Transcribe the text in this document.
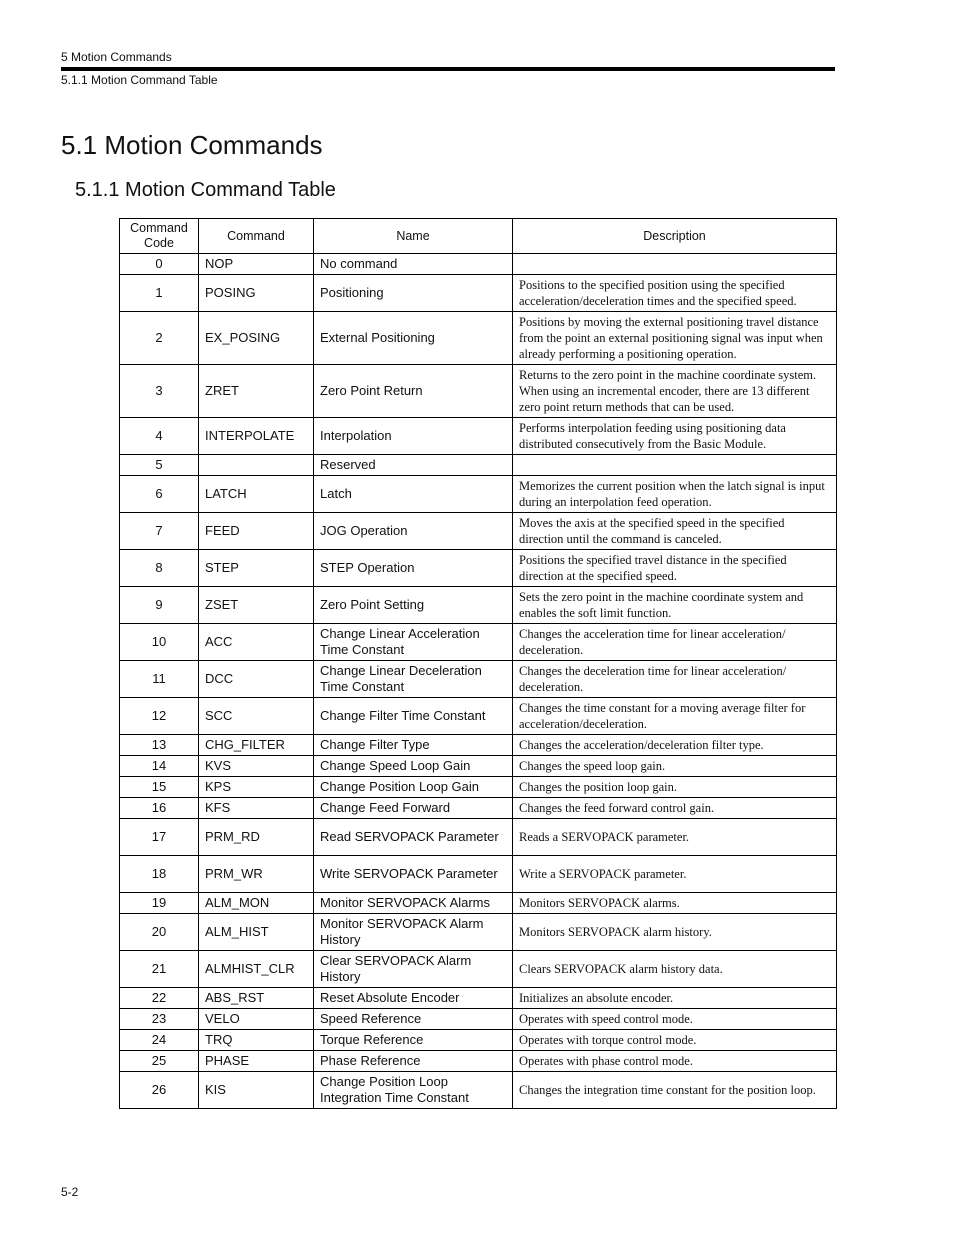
5 Motion Commands
5.1.1 Motion Command Table
5.1 Motion Commands
5.1.1 Motion Command Table
Command Code	Command	Name	Description
0	NOP	No command	
1	POSING	Positioning	Positions to the specified position using the specified acceleration/deceleration times and the specified speed.
2	EX_POSING	External Positioning	Positions by moving the external positioning travel distance from the point an external positioning signal was input when already performing a positioning operation.
3	ZRET	Zero Point Return	Returns to the zero point in the machine coordinate system. When using an incremental encoder, there are 13 different zero point return methods that can be used.
4	INTERPOLATE	Interpolation	Performs interpolation feeding using positioning data distributed consecutively from the Basic Module.
5		Reserved	
6	LATCH	Latch	Memorizes the current position when the latch signal is input during an interpolation feed operation.
7	FEED	JOG Operation	Moves the axis at the specified speed in the specified direction until the command is canceled.
8	STEP	STEP Operation	Positions the specified travel distance in the specified direction at the specified speed.
9	ZSET	Zero Point Setting	Sets the zero point in the machine coordinate system and enables the soft limit function.
10	ACC	Change Linear Acceleration Time Constant	Changes the acceleration time for linear acceleration/ deceleration.
11	DCC	Change Linear Deceleration Time Constant	Changes the deceleration time for linear acceleration/ deceleration.
12	SCC	Change Filter Time Constant	Changes the time constant for a moving average filter for acceleration/deceleration.
13	CHG_FILTER	Change Filter Type	Changes the acceleration/deceleration filter type.
14	KVS	Change Speed Loop Gain	Changes the speed loop gain.
15	KPS	Change Position Loop Gain	Changes the position loop gain.
16	KFS	Change Feed Forward	Changes the feed forward control gain.
17	PRM_RD	Read SERVOPACK Parameter	Reads a SERVOPACK parameter.
18	PRM_WR	Write SERVOPACK Parameter	Write a SERVOPACK parameter.
19	ALM_MON	Monitor SERVOPACK Alarms	Monitors SERVOPACK alarms.
20	ALM_HIST	Monitor SERVOPACK Alarm History	Monitors SERVOPACK alarm history.
21	ALMHIST_CLR	Clear SERVOPACK Alarm History	Clears SERVOPACK alarm history data.
22	ABS_RST	Reset Absolute Encoder	Initializes an absolute encoder.
23	VELO	Speed Reference	Operates with speed control mode.
24	TRQ	Torque Reference	Operates with torque control mode.
25	PHASE	Phase Reference	Operates with phase control mode.
26	KIS	Change Position Loop Integration Time Constant	Changes the integration time constant for the position loop.
5-2
